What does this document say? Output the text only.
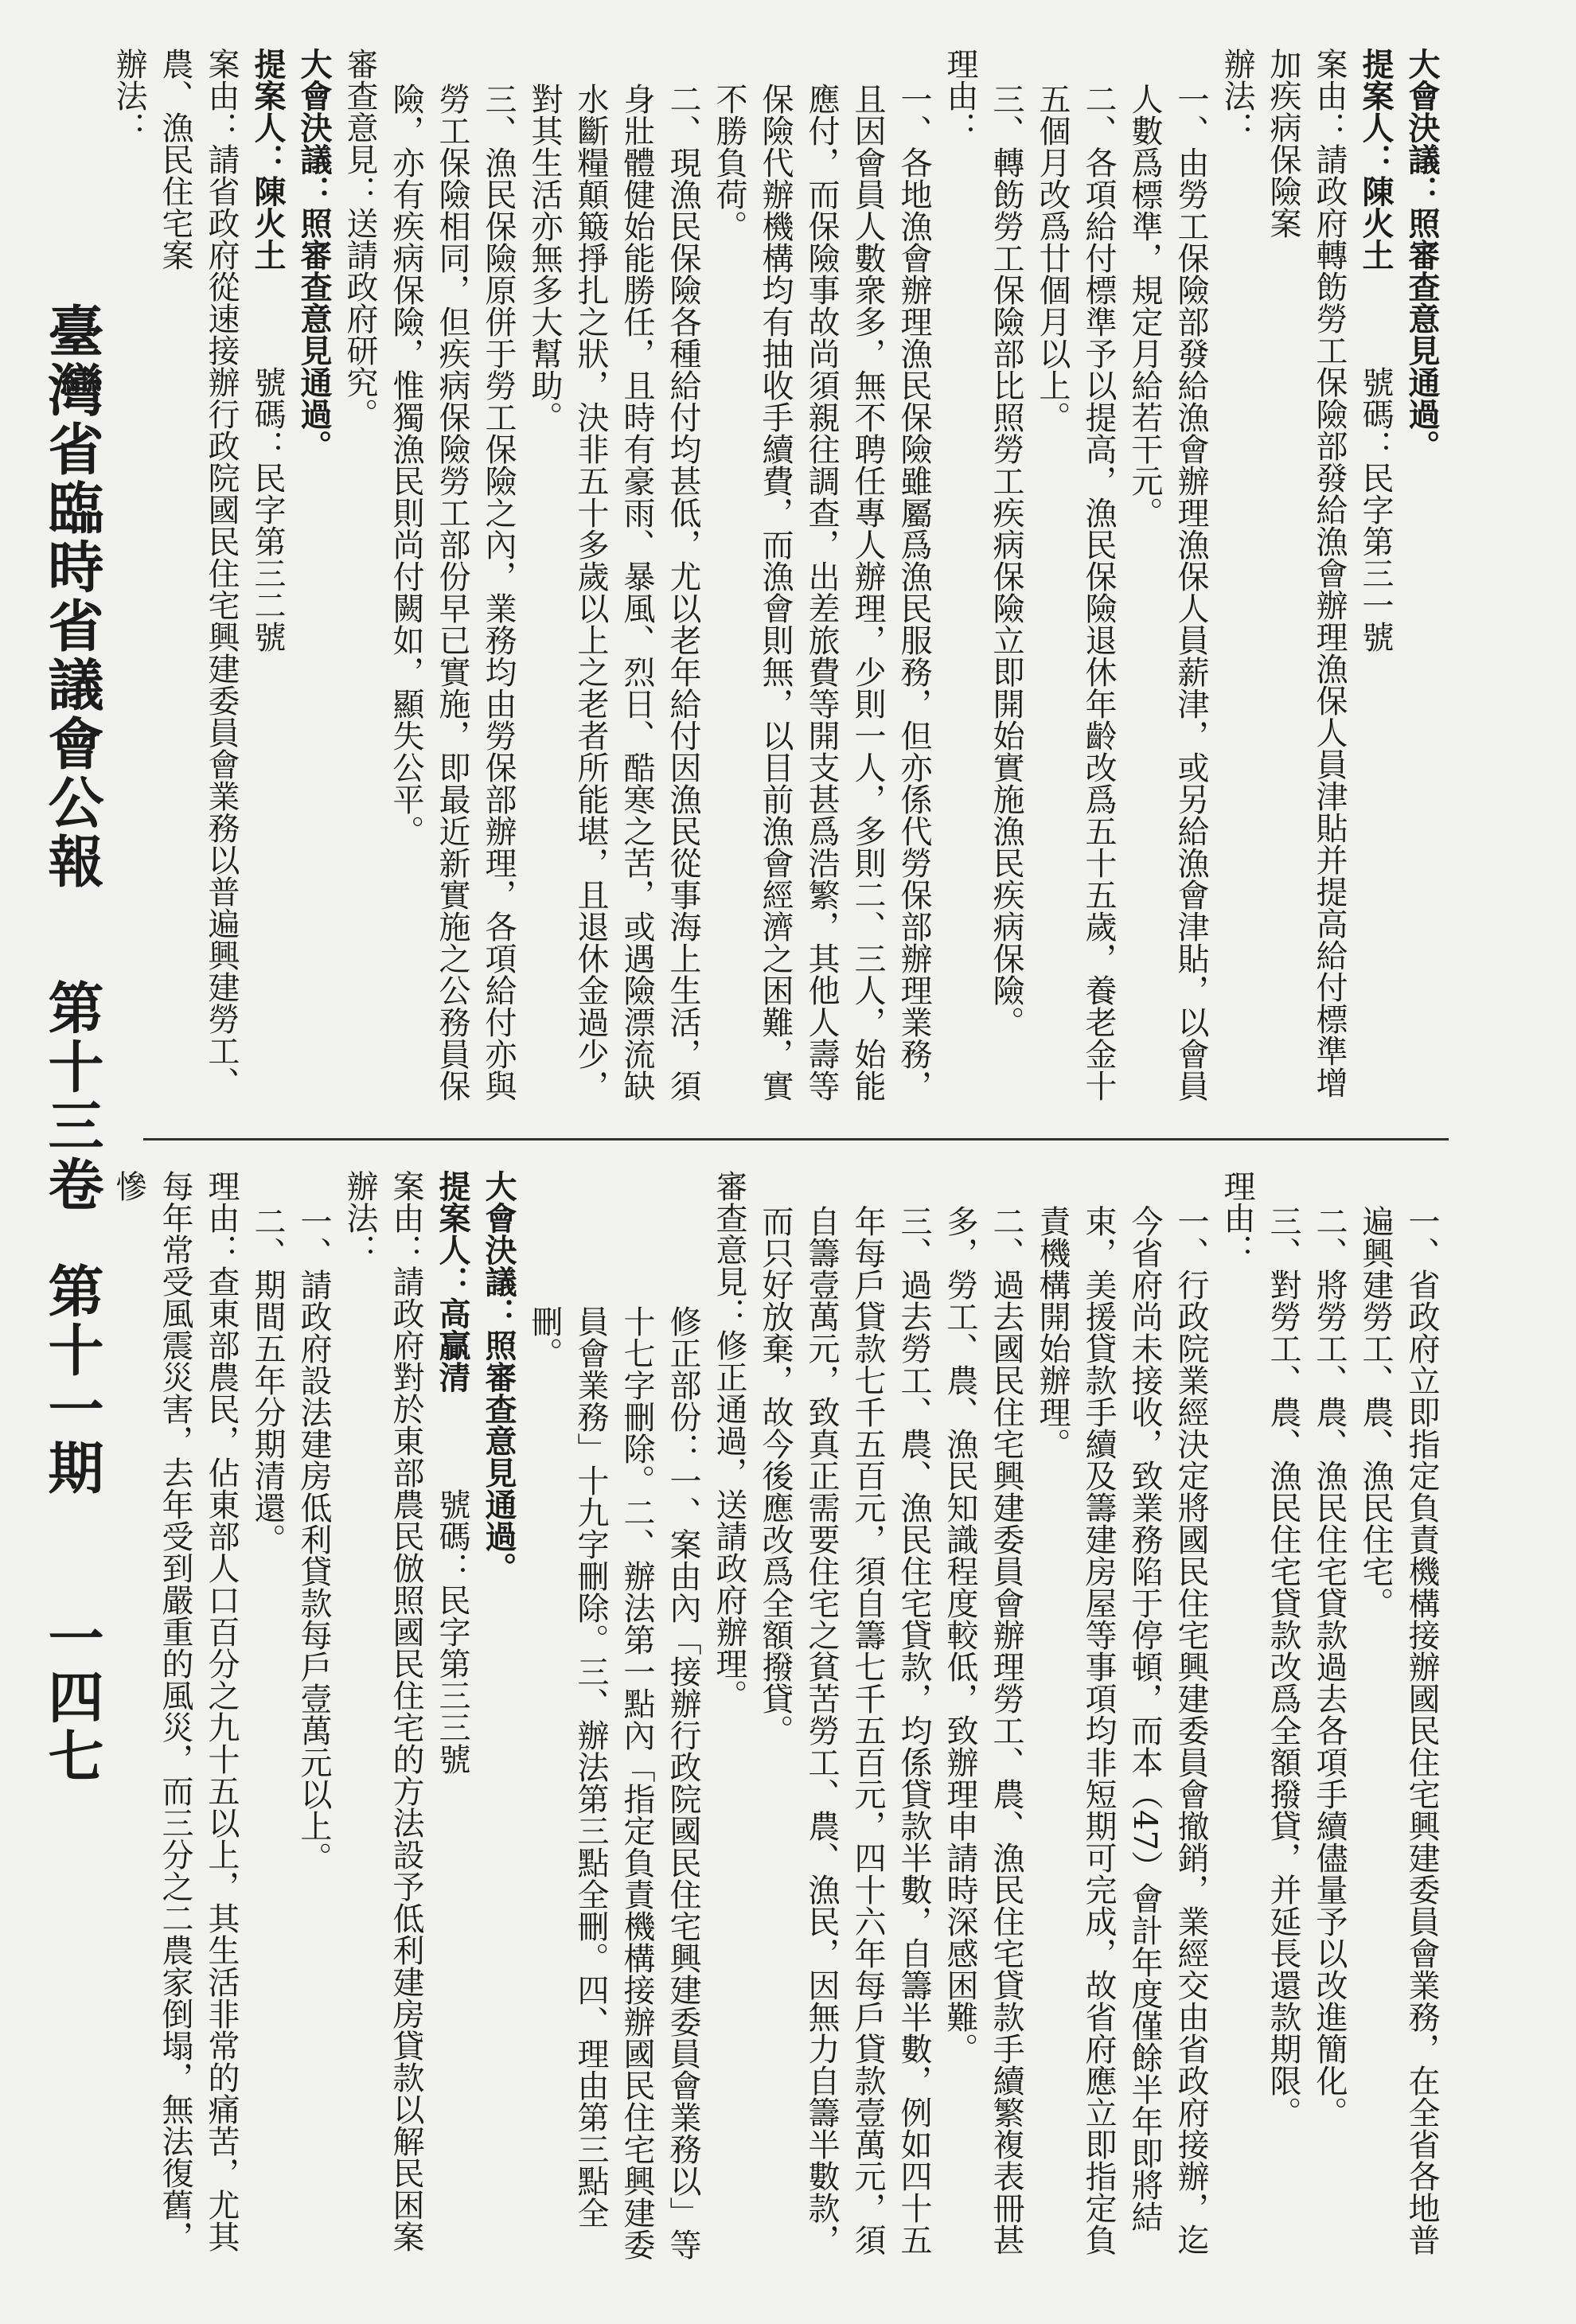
臺灣省臨時省議會公報第十三卷第十一期一四七

大會決議：照審查意見通過。

提案人：陳火土號碼：民字第三一號

案由：請政府轉飭勞工保險部發給漁會辦理漁保人員津貼并提高給付標準增加疾病保險案

辦法：

一、由勞工保險部發給漁會辦理漁保人員薪津，或另給漁會津貼，以會員人數爲標準，規定月給若干元。

二、各項給付標準予以提高，漁民保險退休年齡改爲五十五歲，養老金十五個月改爲廿個月以上。

三、轉飭勞工保險部比照勞工疾病保險立即開始實施漁民疾病保險。

理由：

一、各地漁會辦理漁民保險雖屬爲漁民服務，但亦係代勞保部辦理業務，且因會員人數衆多，無不聘任專人辦理，少則一人，多則二、三人，始能應付，而保險事故尚須親往調查，出差旅費等開支甚爲浩繁，其他人壽等保險代辦機構均有抽收手續費，而漁會則無，以目前漁會經濟之困難，實不勝負荷。

二、現漁民保險各種給付均甚低，尤以老年給付因漁民從事海上生活，須身壯體健始能勝任，且時有豪雨、暴風、烈日、酷寒之苦，或遇險漂流缺水斷糧顛簸掙扎之狀，決非五十多歲以上之老者所能堪，且退休金過少，對其生活亦無多大幫助。

三、漁民保險原併于勞工保險之內，業務均由勞保部辦理，各項給付亦與勞工保險相同，但疾病保險勞工部份早已實施，即最近新實施之公務員保險，亦有疾病保險，惟獨漁民則尚付闕如，顯失公平。

審查意見：送請政府研究。

大會決議：照審查意見通過。

提案人：陳火土號碼：民字第三二號

案由：請省政府從速接辦行政院國民住宅興建委員會業務以普遍興建勞工、農、漁民住宅案

辦法：

一、省政府立即指定負責機構接辦國民住宅興建委員會業務，在全省各地普遍興建勞工、農、漁民住宅。

二、將勞工、農、漁民住宅貸款過去各項手續儘量予以改進簡化。

三、對勞工、農、漁民住宅貸款改爲全額撥貸，并延長還款期限。

理由：

一、行政院業經決定將國民住宅興建委員會撤銷，業經交由省政府接辦，迄今省府尚未接收，致業務陷于停頓，而本（47）會計年度僅餘半年即將結束，美援貸款手續及籌建房屋等事項均非短期可完成，故省府應立即指定負責機構開始辦理。

二、過去國民住宅興建委員會辦理勞工、農、漁民住宅貸款手續繁複表冊甚多，勞工、農、漁民知識程度較低，致辦理申請時深感困難。

三、過去勞工、農、漁民住宅貸款，均係貸款半數，自籌半數，例如四十五年每戶貸款七千五百元，須自籌七千五百元，四十六年每戶貸款壹萬元，須自籌壹萬元，致真正需要住宅之貧苦勞工、農、漁民，因無力自籌半數款，而只好放棄，故今後應改爲全額撥貸。

審查意見：修正通過，送請政府辦理。

修正部份：一、案由內「接辦行政院國民住宅興建委員會業務以」等十七字刪除。二、辦法第一點內「指定負責機構接辦國民住宅興建委員會業務」十九字刪除。三、辦法第三點全刪。四、理由第三點全刪。

大會決議：照審查意見通過。

提案人：高贏清號碼：民字第三三號

案由：請政府對於東部農民倣照國民住宅的方法設予低利建房貸款以解民困案

辦法：

一、請政府設法建房低利貸款每戶壹萬元以上。

二、期間五年分期清還。

理由：查東部農民，佔東部人口百分之九十五以上，其生活非常的痛苦，尤其每年常受風震災害，去年受到嚴重的風災，而三分之二農家倒塌，無法復舊，慘
